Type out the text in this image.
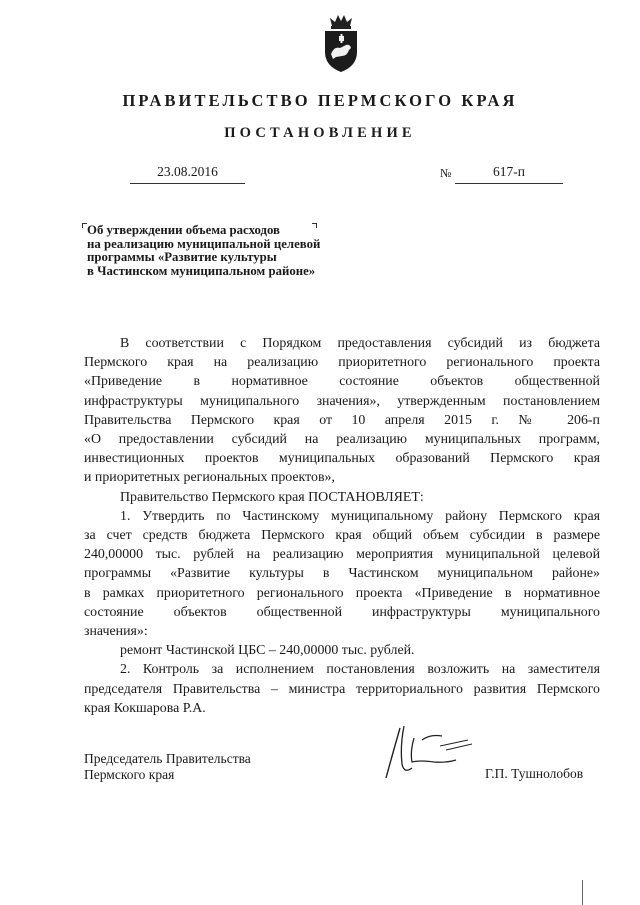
ПРАВИТЕЛЬСТВО ПЕРМСКОГО КРАЯ
ПОСТАНОВЛЕНИЕ
23.08.2016	№	617-п
Об утверждении объема расходов
на реализацию муниципальной целевой
программы «Развитие культуры
в Частинском муниципальном районе»

В соответствии с Порядком предоставления субсидий из бюджета

Пермского края на реализацию приоритетного регионального проекта

«Приведение в нормативное состояние объектов общественной

инфраструктуры муниципального значения», утвержденным постановлением

Правительства Пермского края от 10 апреля 2015 г. № 206-п

«О предоставлении субсидий на реализацию муниципальных программ,

инвестиционных проектов муниципальных образований Пермского края

и приоритетных региональных проектов»,

Правительство Пермского края ПОСТАНОВЛЯЕТ:

1. Утвердить по Частинскому муниципальному району Пермского края

за счет средств бюджета Пермского края общий объем субсидии в размере

240,00000 тыс. рублей на реализацию мероприятия муниципальной целевой

программы «Развитие культуры в Частинском муниципальном районе»

в рамках приоритетного регионального проекта «Приведение в нормативное

состояние объектов общественной инфраструктуры муниципального

значения»:

ремонт Частинской ЦБС – 240,00000 тыс. рублей.

2. Контроль за исполнением постановления возложить на заместителя

председателя Правительства – министра территориального развития Пермского

края Кокшарова Р.А.

Председатель Правительства
Пермского края	Г.П. Тушнолобов
